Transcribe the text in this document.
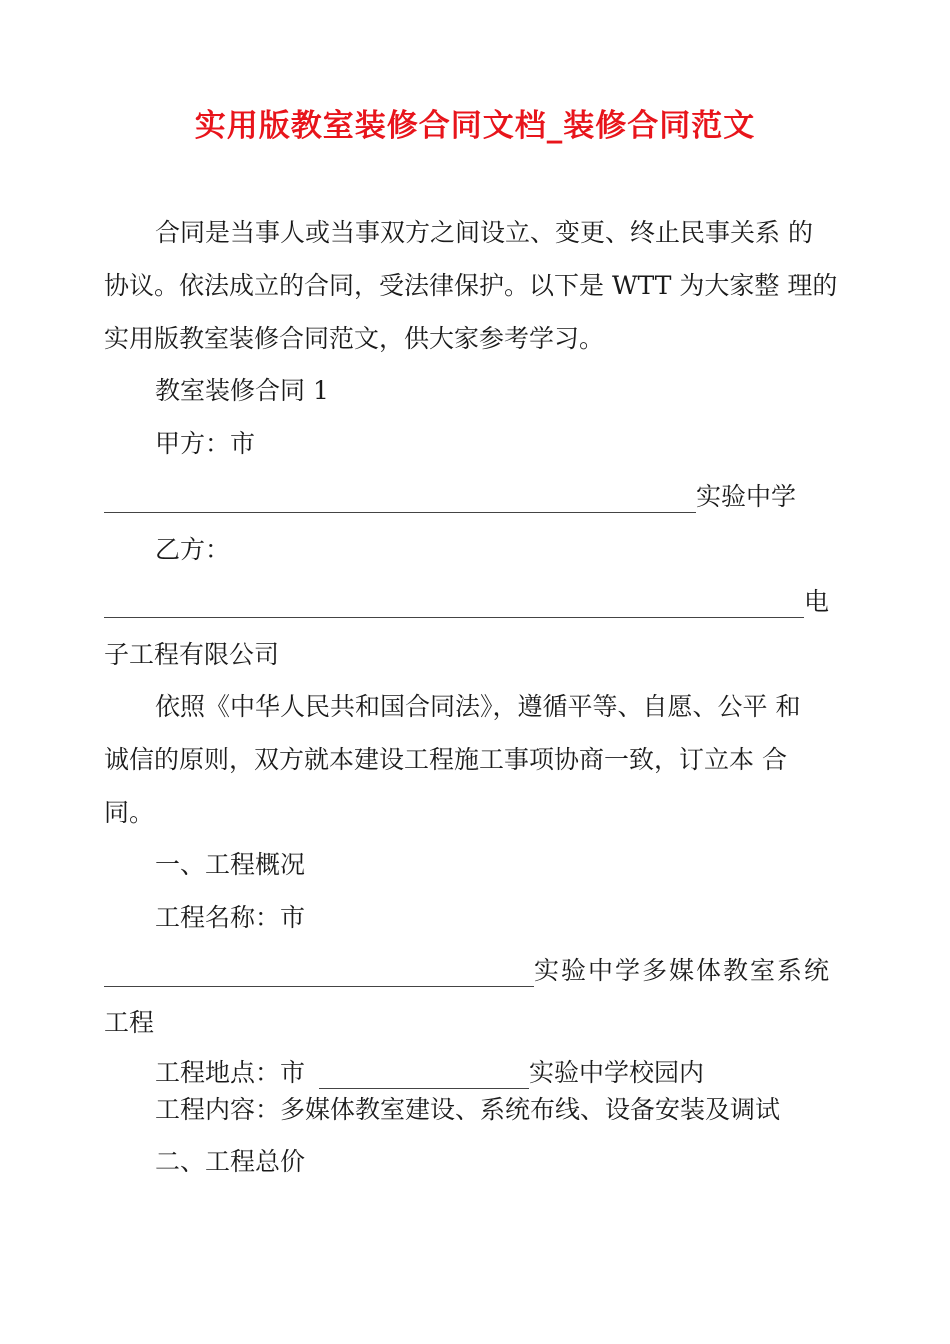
实用版教室装修合同文档_装修合同范文
合同是当事人或当事双方之间设立、变更、终止民事关系 的
协议。依法成立的合同，受法律保护。以下是 WTT 为大家整 理的
实用版教室装修合同范文，供大家参考学习。
教室装修合同 1
甲方：市
实验中学
乙方：
电
子工程有限公司
依照《中华人民共和国合同法》，遵循平等、自愿、公平 和
诚信的原则，双方就本建设工程施工事项协商一致，订立本 合
同。
一、工程概况
工程名称：市
实验中学多媒体教室系统
工程
工程地点：市	实验中学校园内
工程内容：多媒体教室建设、系统布线、设备安装及调试
二、工程总价
